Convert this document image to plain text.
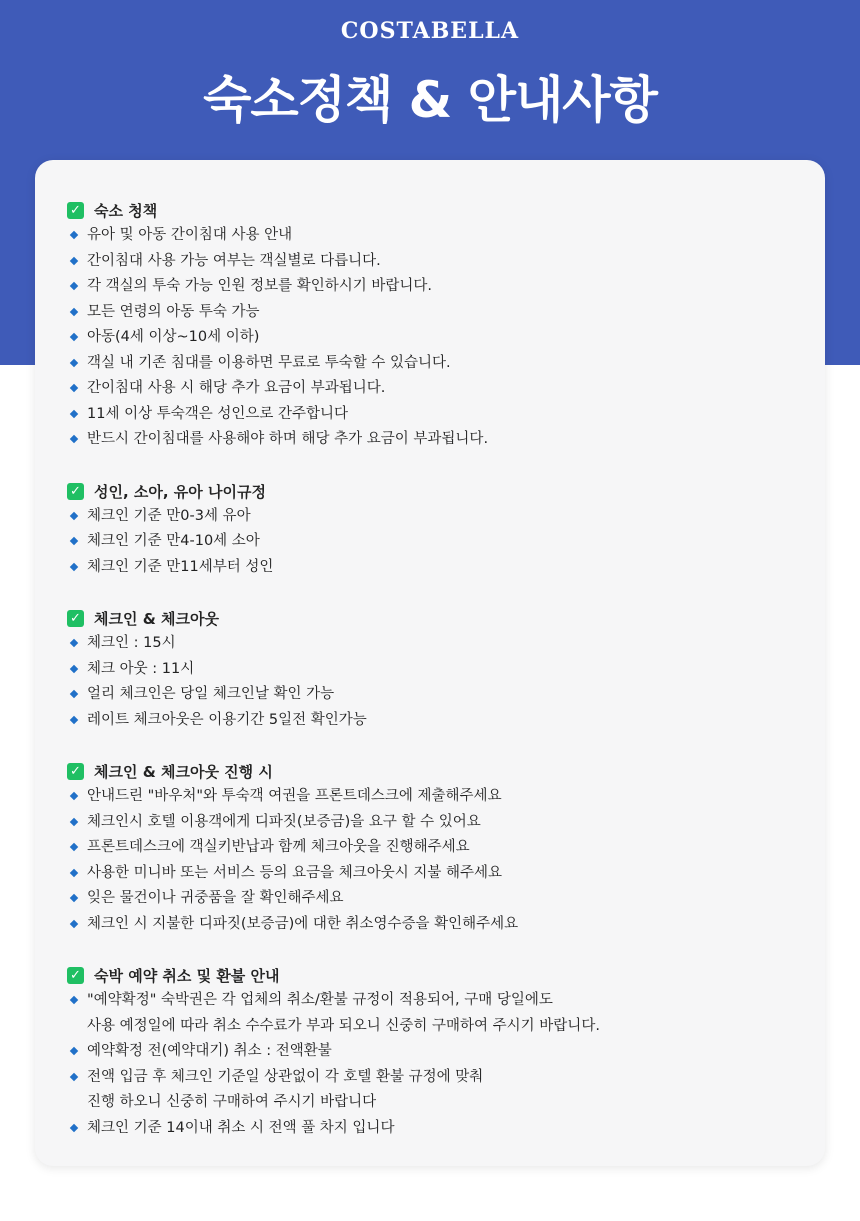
COSTABELLA
숙소정책 & 안내사항
✓ 숙소 청책
유아 및 아동 간이침대 사용 안내
간이침대 사용 가능 여부는 객실별로 다릅니다.
각 객실의 투숙 가능 인원 정보를 확인하시기 바랍니다.
모든 연령의 아동 투숙 가능
아동(4세 이상~10세 이하)
객실 내 기존 침대를 이용하면 무료로 투숙할 수 있습니다.
간이침대 사용 시 해당 추가 요금이 부과됩니다.
11세 이상 투숙객은 성인으로 간주합니다
반드시 간이침대를 사용해야 하며 해당 추가 요금이 부과됩니다.
✓ 성인, 소아, 유아 나이규정
체크인 기준 만0-3세 유아
체크인 기준 만4-10세 소아
체크인 기준 만11세부터 성인
✓ 체크인 & 체크아웃
체크인 : 15시
체크 아웃 : 11시
얼리 체크인은 당일 체크인날 확인 가능
레이트 체크아웃은 이용기간 5일전 확인가능
✓ 체크인 & 체크아웃 진행 시
안내드린 "바우처"와 투숙객 여권을 프론트데스크에 제출해주세요
체크인시 호텔 이용객에게 디파짓(보증금)을 요구 할 수 있어요
프론트데스크에 객실키반납과 함께 체크아웃을 진행해주세요
사용한 미니바 또는 서비스 등의 요금을 체크아웃시 지불 해주세요
잊은 물건이나 귀중품을 잘 확인해주세요
체크인 시 지불한 디파짓(보증금)에 대한 취소영수증을 확인해주세요
✓ 숙박 예약 취소 및 환불 안내
"예약확정" 숙박권은 각 업체의 취소/환불 규정이 적용되어, 구매 당일에도
사용 예정일에 따라 취소 수수료가 부과 되오니 신중히 구매하여 주시기 바랍니다.
예약확정 전(예약대기) 취소 : 전액환불
전액 입금 후 체크인 기준일 상관없이 각 호텔 환불 규정에 맞춰
진행 하오니 신중히 구매하여 주시기 바랍니다
체크인 기준 14이내 취소 시 전액 풀 차지 입니다
